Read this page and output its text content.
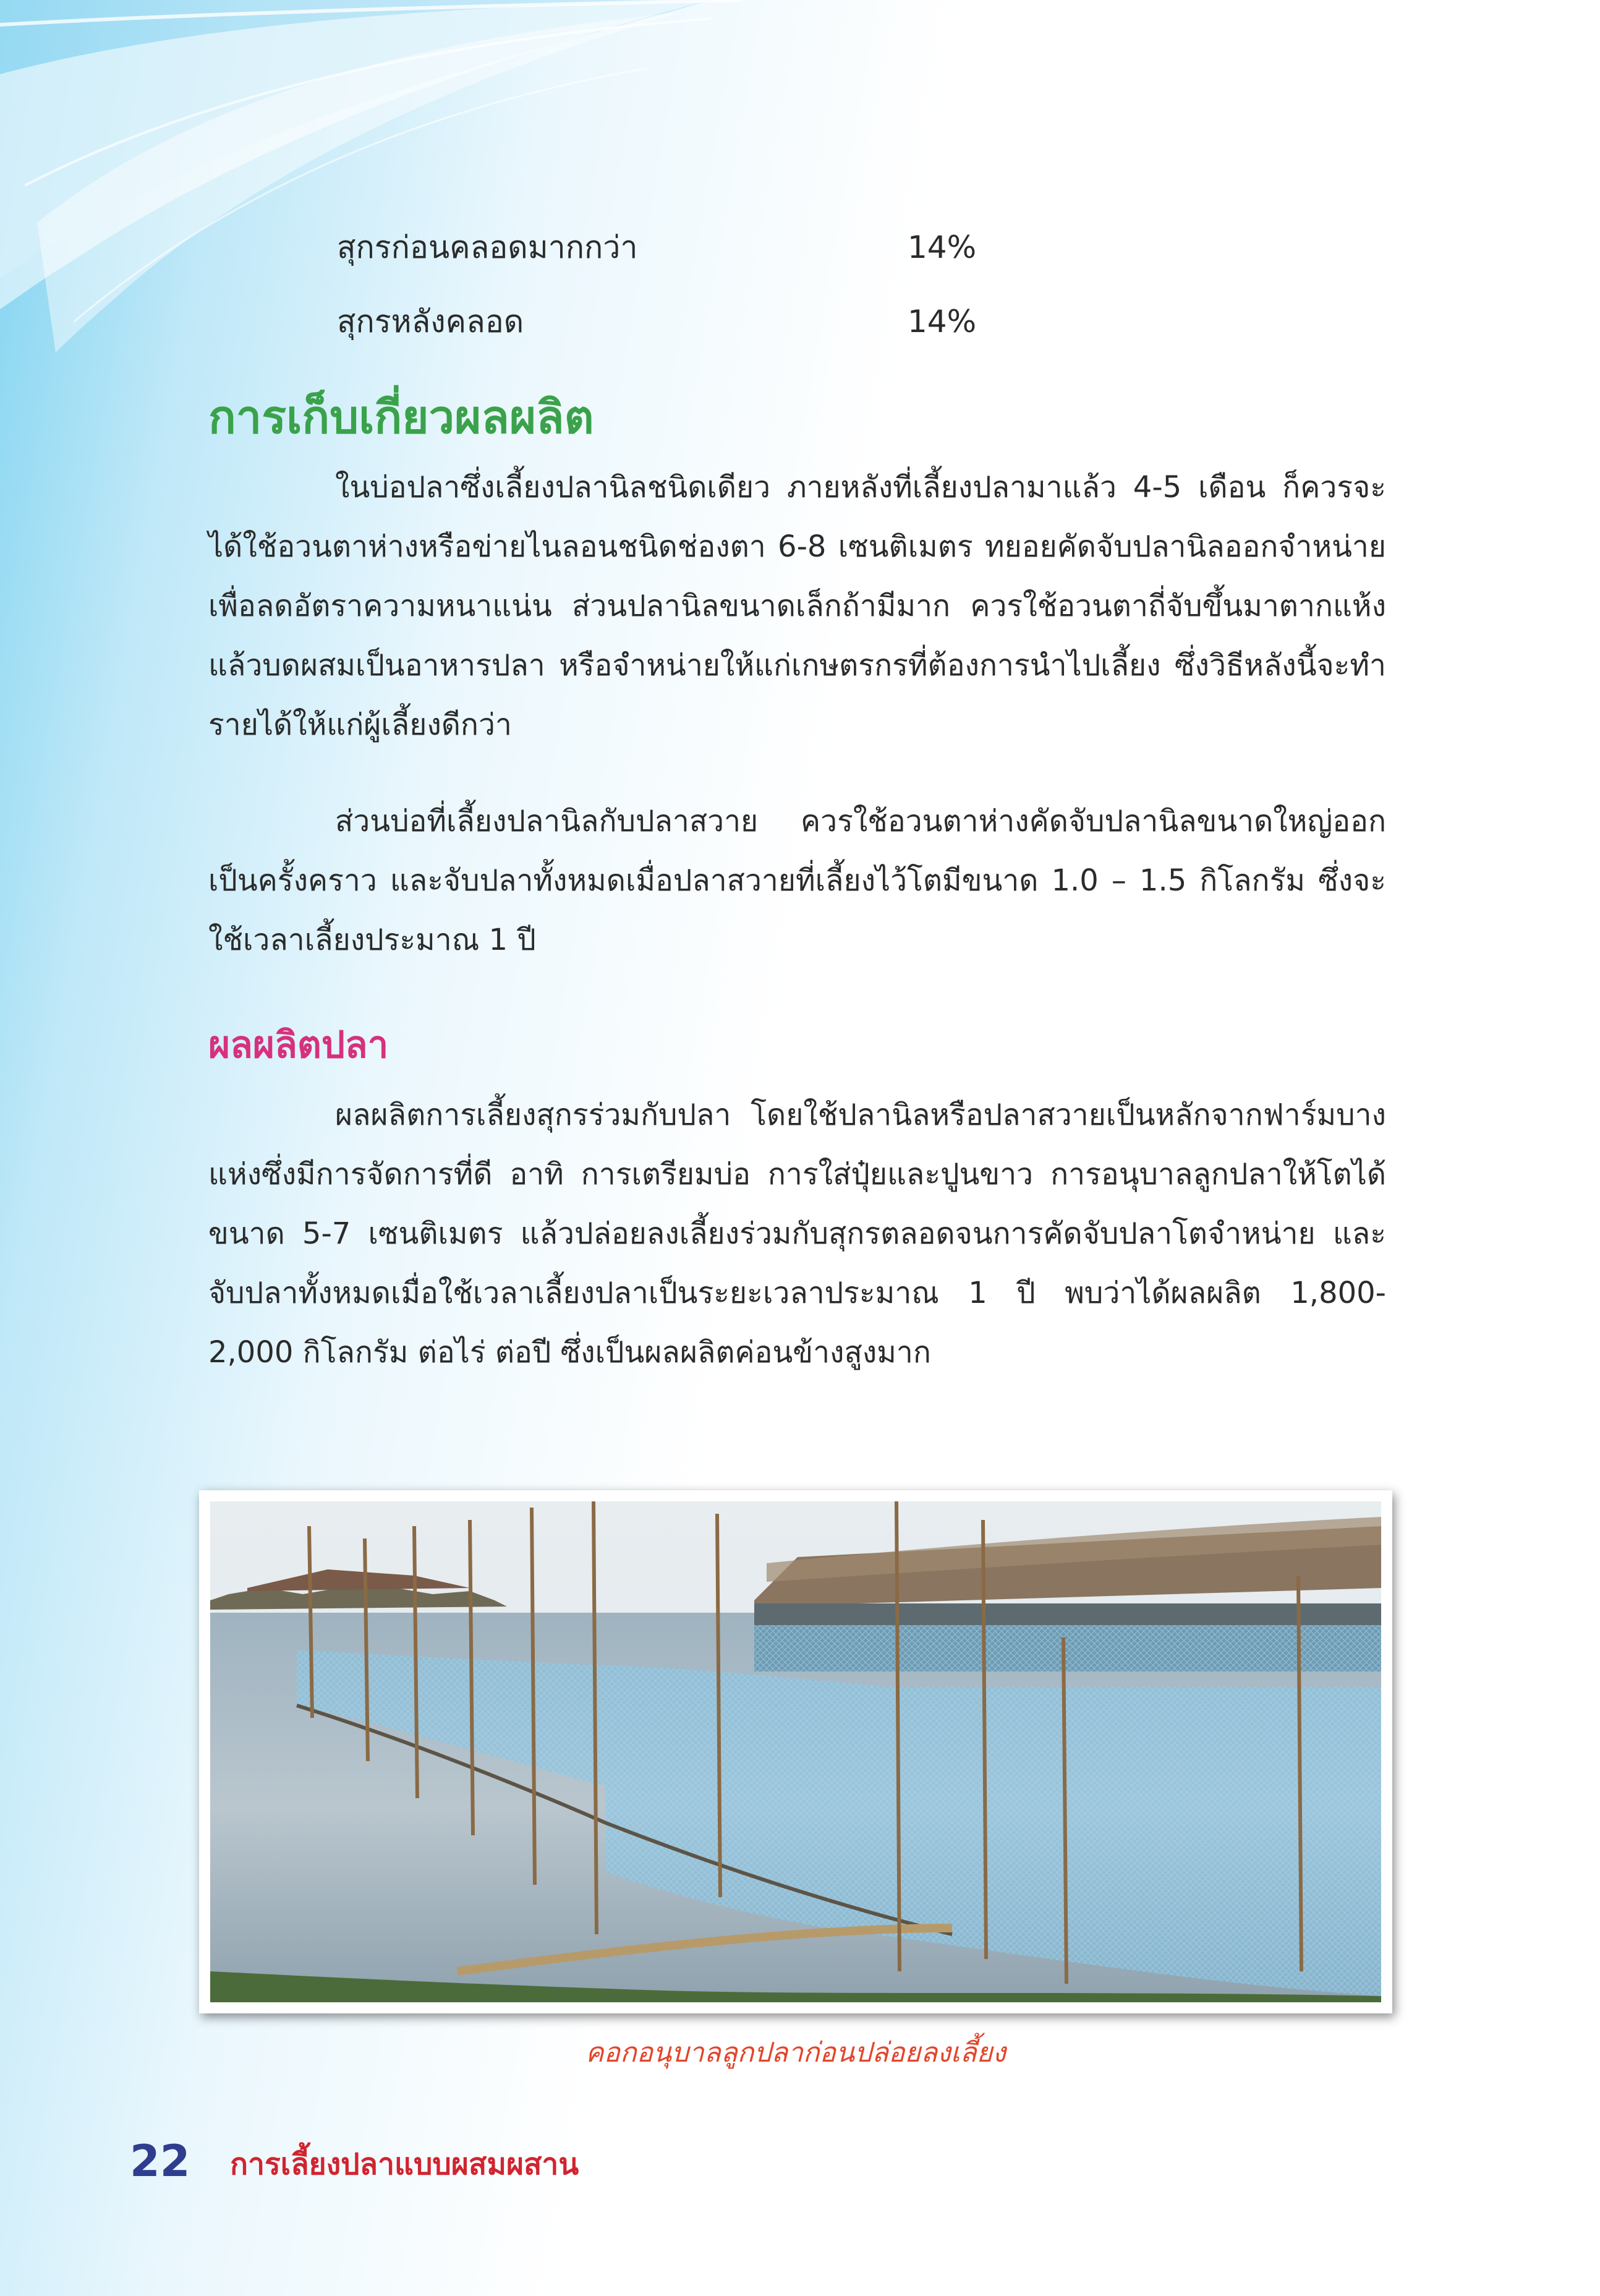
สุกรก่อนคลอดมากกว่า	14%
สุกรหลังคลอด	14%
การเก็บเกี่ยวผลผลิต

ในบ่อปลาซึ่งเลี้ยงปลานิลชนิดเดียว ภายหลังที่เลี้ยงปลามาแล้ว 4-5 เดือน ก็ควรจะได้ใช้อวนตาห่างหรือข่ายไนลอนชนิดช่องตา 6-8 เซนติเมตร ทยอยคัดจับปลานิลออกจำหน่าย เพื่อลดอัตราความหนาแน่น ส่วนปลานิลขนาดเล็กถ้ามีมาก ควรใช้อวนตาถี่จับขึ้นมาตากแห้งแล้วบดผสมเป็นอาหารปลา หรือจำหน่ายให้แก่เกษตรกรที่ต้องการนำไปเลี้ยง ซึ่งวิธีหลังนี้จะทำรายได้ให้แก่ผู้เลี้ยงดีกว่า

ส่วนบ่อที่เลี้ยงปลานิลกับปลาสวาย ควรใช้อวนตาห่างคัดจับปลานิลขนาดใหญ่ออกเป็นครั้งคราว และจับปลาทั้งหมดเมื่อปลาสวายที่เลี้ยงไว้โตมีขนาด 1.0 – 1.5 กิโลกรัม ซึ่งจะใช้เวลาเลี้ยงประมาณ 1 ปี

ผลผลิตปลา

ผลผลิตการเลี้ยงสุกรร่วมกับปลา โดยใช้ปลานิลหรือปลาสวายเป็นหลักจากฟาร์มบางแห่งซึ่งมีการจัดการที่ดี อาทิ การเตรียมบ่อ การใส่ปุ๋ยและปูนขาว การอนุบาลลูกปลาให้โตได้ขนาด 5-7 เซนติเมตร แล้วปล่อยลงเลี้ยงร่วมกับสุกรตลอดจนการคัดจับปลาโตจำหน่าย และจับปลาทั้งหมดเมื่อใช้เวลาเลี้ยงปลาเป็นระยะเวลาประมาณ 1 ปี พบว่าได้ผลผลิต 1,800-2,000 กิโลกรัม ต่อไร่ ต่อปี ซึ่งเป็นผลผลิตค่อนข้างสูงมาก

คอกอนุบาลลูกปลาก่อนปล่อยลงเลี้ยง
22 การเลี้ยงปลาแบบผสมผสาน
